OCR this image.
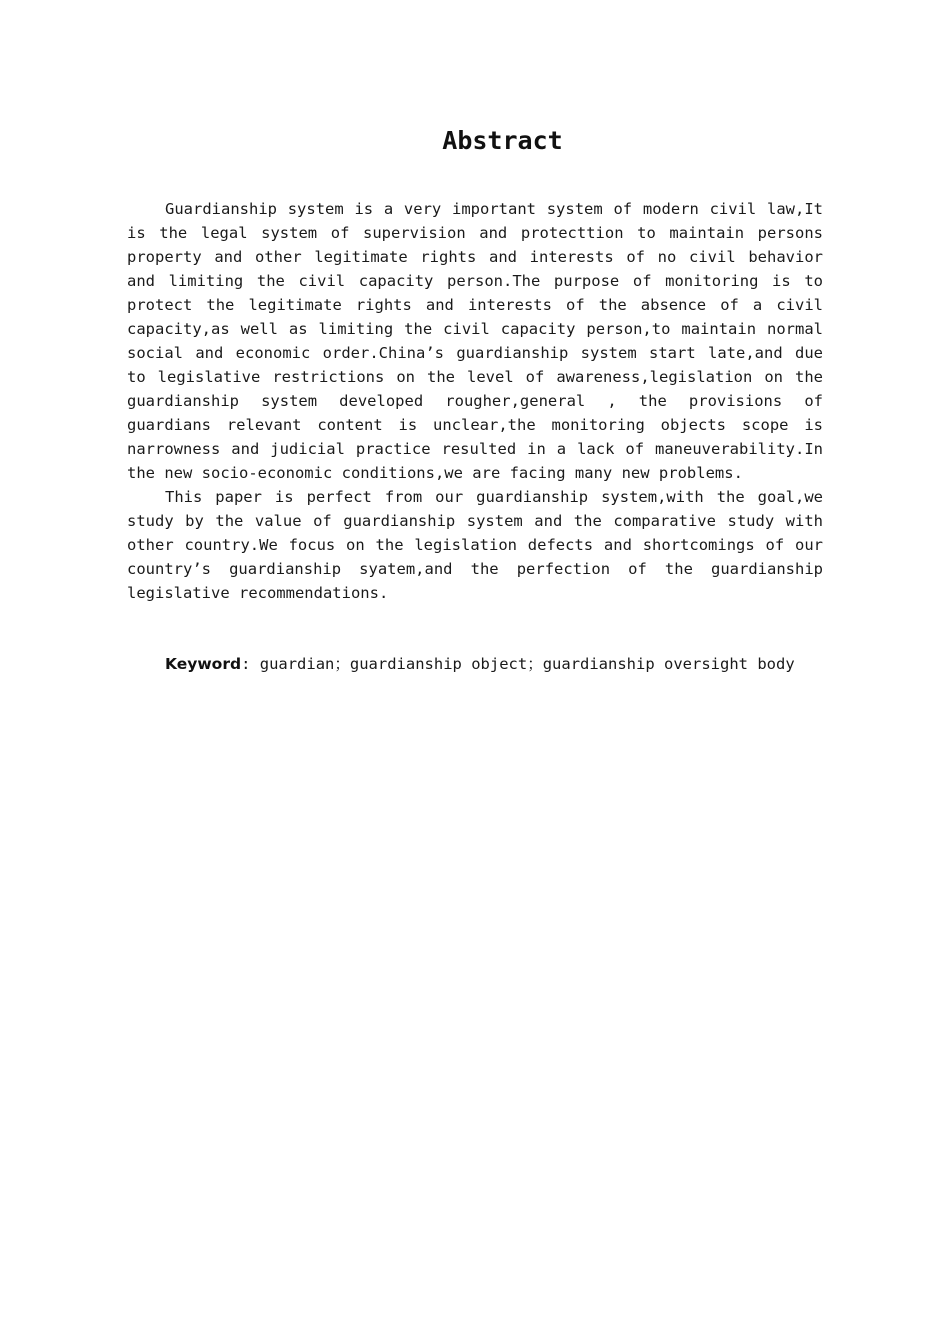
Abstract

Guardianship system is a very important system of modern civil law,It is the legal system of supervision and protecttion to maintain persons property and other legitimate rights and interests of no civil behavior and limiting the civil capacity person.The purpose of monitoring is to protect the legitimate rights and interests of the absence of a civil capacity,as well as limiting the civil capacity person,to maintain normal social and economic order.China’s guardianship system start late,and due to legislative restrictions on the level of awareness,legislation on the guardianship system developed rougher,general , the provisions of guardians relevant content is unclear,the monitoring objects scope is narrowness and judicial practice resulted in a lack of maneuverability.In the new socio-economic conditions,we are facing many new problems.

This paper is perfect from our guardianship system,with the goal,we study by the value of guardianship system and the comparative study with other country.We focus on the legislation defects and shortcomings of our country’s guardianship syatem,and the perfection of the guardianship legislative recommendations.

Keyword: guardian；guardianship object；guardianship oversight body
